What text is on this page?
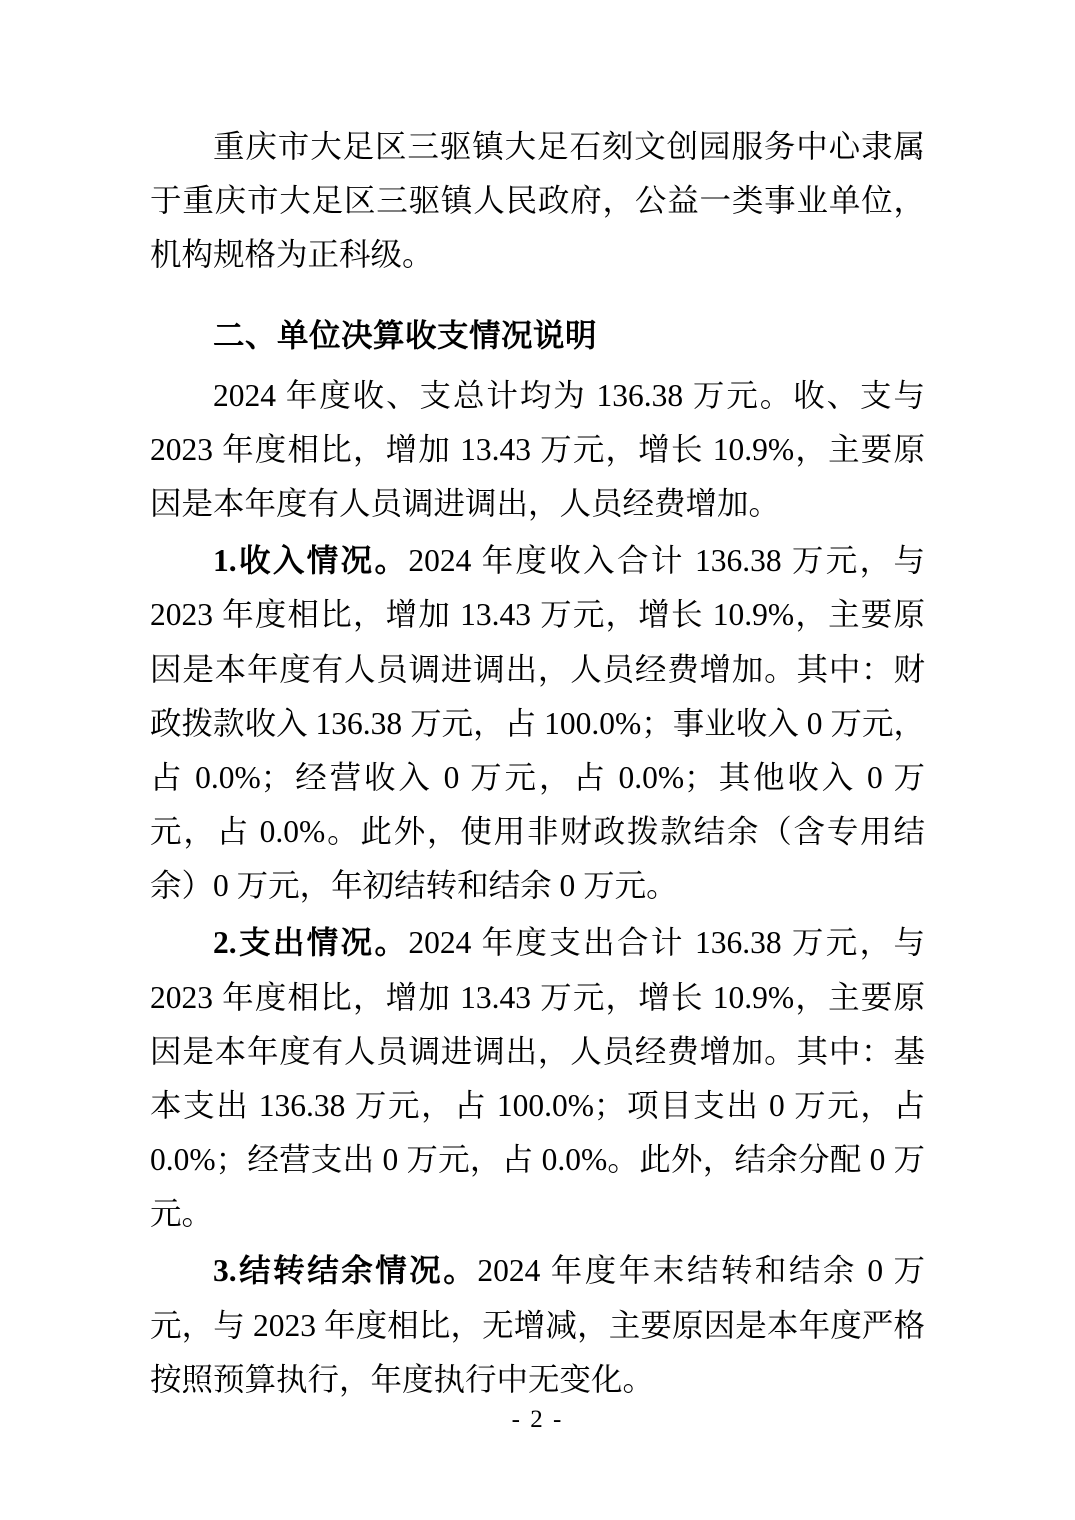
重庆市大足区三驱镇大足石刻文创园服务中心隶属于重庆市大足区三驱镇人民政府，公益一类事业单位，机构规格为正科级。

二、单位决算收支情况说明

2024 年度收、支总计均为 136.38 万元。收、支与 2023 年度相比，增加 13.43 万元，增长 10.9%，主要原因是本年度有人员调进调出，人员经费增加。

1.收入情况。2024 年度收入合计 136.38 万元，与 2023 年度相比，增加 13.43 万元，增长 10.9%，主要原因是本年度有人员调进调出，人员经费增加。其中：财政拨款收入 136.38 万元，占 100.0%；事业收入 0 万元，占 0.0%；经营收入 0 万元，占 0.0%；其他收入 0 万元，占 0.0%。此外，使用非财政拨款结余（含专用结余）0 万元，年初结转和结余 0 万元。

2.支出情况。2024 年度支出合计 136.38 万元，与 2023 年度相比，增加 13.43 万元，增长 10.9%，主要原因是本年度有人员调进调出，人员经费增加。其中：基本支出 136.38 万元，占 100.0%；项目支出 0 万元，占 0.0%；经营支出 0 万元，占 0.0%。此外，结余分配 0 万元。

3.结转结余情况。2024 年度年末结转和结余 0 万元，与 2023 年度相比，无增减，主要原因是本年度严格按照预算执行，年度执行中无变化。

- 2 -
